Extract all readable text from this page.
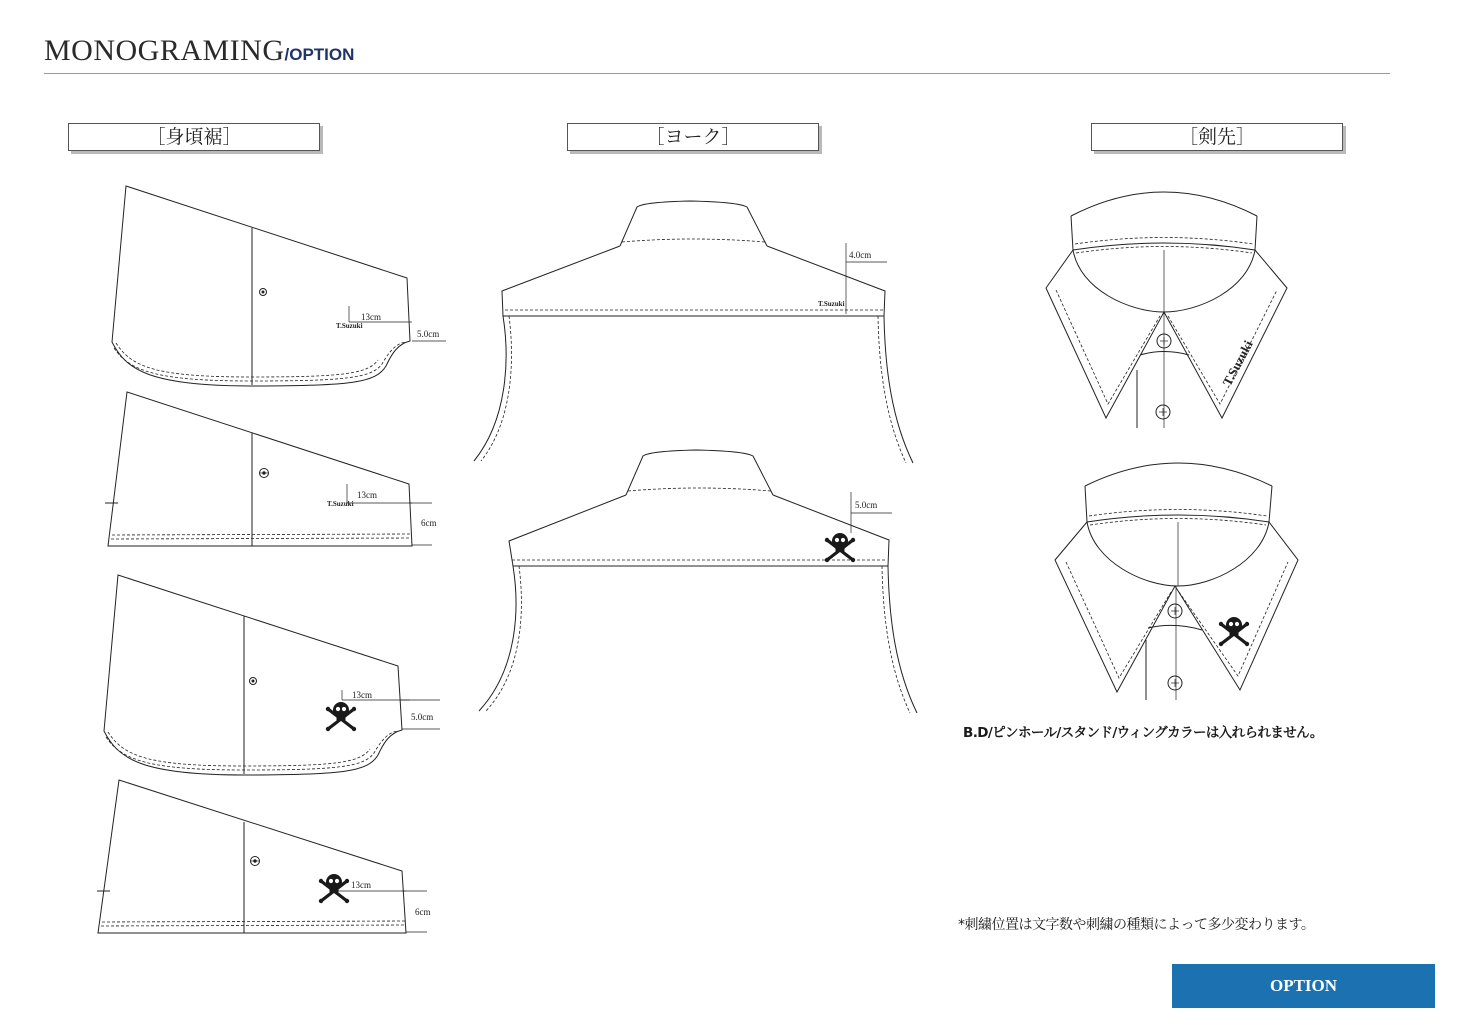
MONOGRAMING/OPTION
［身頃裾］	［ヨーク］	［剣先］
T.Suzuki
13cm
5.0cm
T.Suzuki
13cm
6cm
13cm
5.0cm
13cm
6cm
T.Suzuki
4.0cm
5.0cm
T.Suzuki
B.D/ピンホール/スタンド/ウィングカラーは入れられません。
*刺繍位置は文字数や刺繍の種類によって多少変わります。
OPTION
